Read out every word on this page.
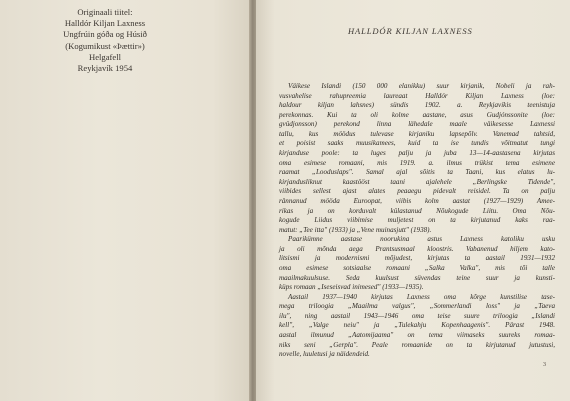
Originaali tiitel:
Halldór Kiljan Laxness
Ungfrúin góða og Húsið
(Kogumikust «Þættir»)
Helgafell
Reykjavík 1954
HALLDÓR KILJAN LAXNESS
Väikese Islandi (150 000 elanikku) suur kirjanik, Nobeli ja rah-
vusvahelise rahupreemia laureaat Halldór Kiljan Laxness (loe:
haldour kiljan lahsnes) sündis 1902. a. Reykjavíkis teenistuja
perekonnas. Kui ta oli kolme aastane, asus Gudjónssonite (loe:
gvüdjonsson) perekond linna lähedale maale väikesesse Laxnessi
tallu, kus möödus tulevase kirjaniku lapsepõlv. Vanemad tahtsid,
et poisist saaks muusikamees, kuid ta ise tundis võitmatut tungi
kirjanduse poole: ta luges palju ja juba 13—14-aastasena kirjutas
oma esimese romaani, mis 1919. a. ilmus trükist tema esimene
raamat „Looduslaps". Samal ajal sõitis ta Taani, kus elatus lu-
kirjandusliknut kaastööst taani ajalehele „Berlingske Tidende",
viibides sellest ajast alates peaaegu pidevalt reisidel. Ta on palju
rännanud mööda Euroopat, viibis kolm aastat (1927—1929) Amee-
rikas ja on korduvalt külastanud Nõukogude Liitu. Oma Nõu-
kogude Liidus viibimise muljetest on ta kirjutanud kaks raa-
matut: „Tee itta" (1933) ja „Vene muinasjutt" (1938).
Paarikümne aastase noorukina astus Laxness katoliku usku
ja oli mõnda aega Prantsusmaal kloostris. Vabanenud hiljem kato-
litsismi ja modernismi mõjudest, kirjutas ta aastail 1931—1932
oma esimese sotsiaalse romaani „Salka Valka", mis tõi talle
maailmakuulsuse. Seda kuulsust süvendas teine suur ja kunsti-
küps romaan „Iseseisvad inimesed" (1933—1935).
Aastail 1937—1940 kirjutas Laxness oma kõrge kunstilise tase-
mega triloogia „Maailma valgus", „Sommerlandi loss" ja „Taeva
ilu", ning aastail 1943—1946 oma teise suure triloogia „Islandi
kell", „Valge neiu" ja „Tulekahju Kopenhaagenis". Pärast 1948.
aastal ilmunud „Aatomijaama" on tema viimaseks suureks romaa-
niks seni „Gerpla". Peale romaanide on ta kirjutanud jutustusi,
novelle, luuletusi ja näidendeid.
3
